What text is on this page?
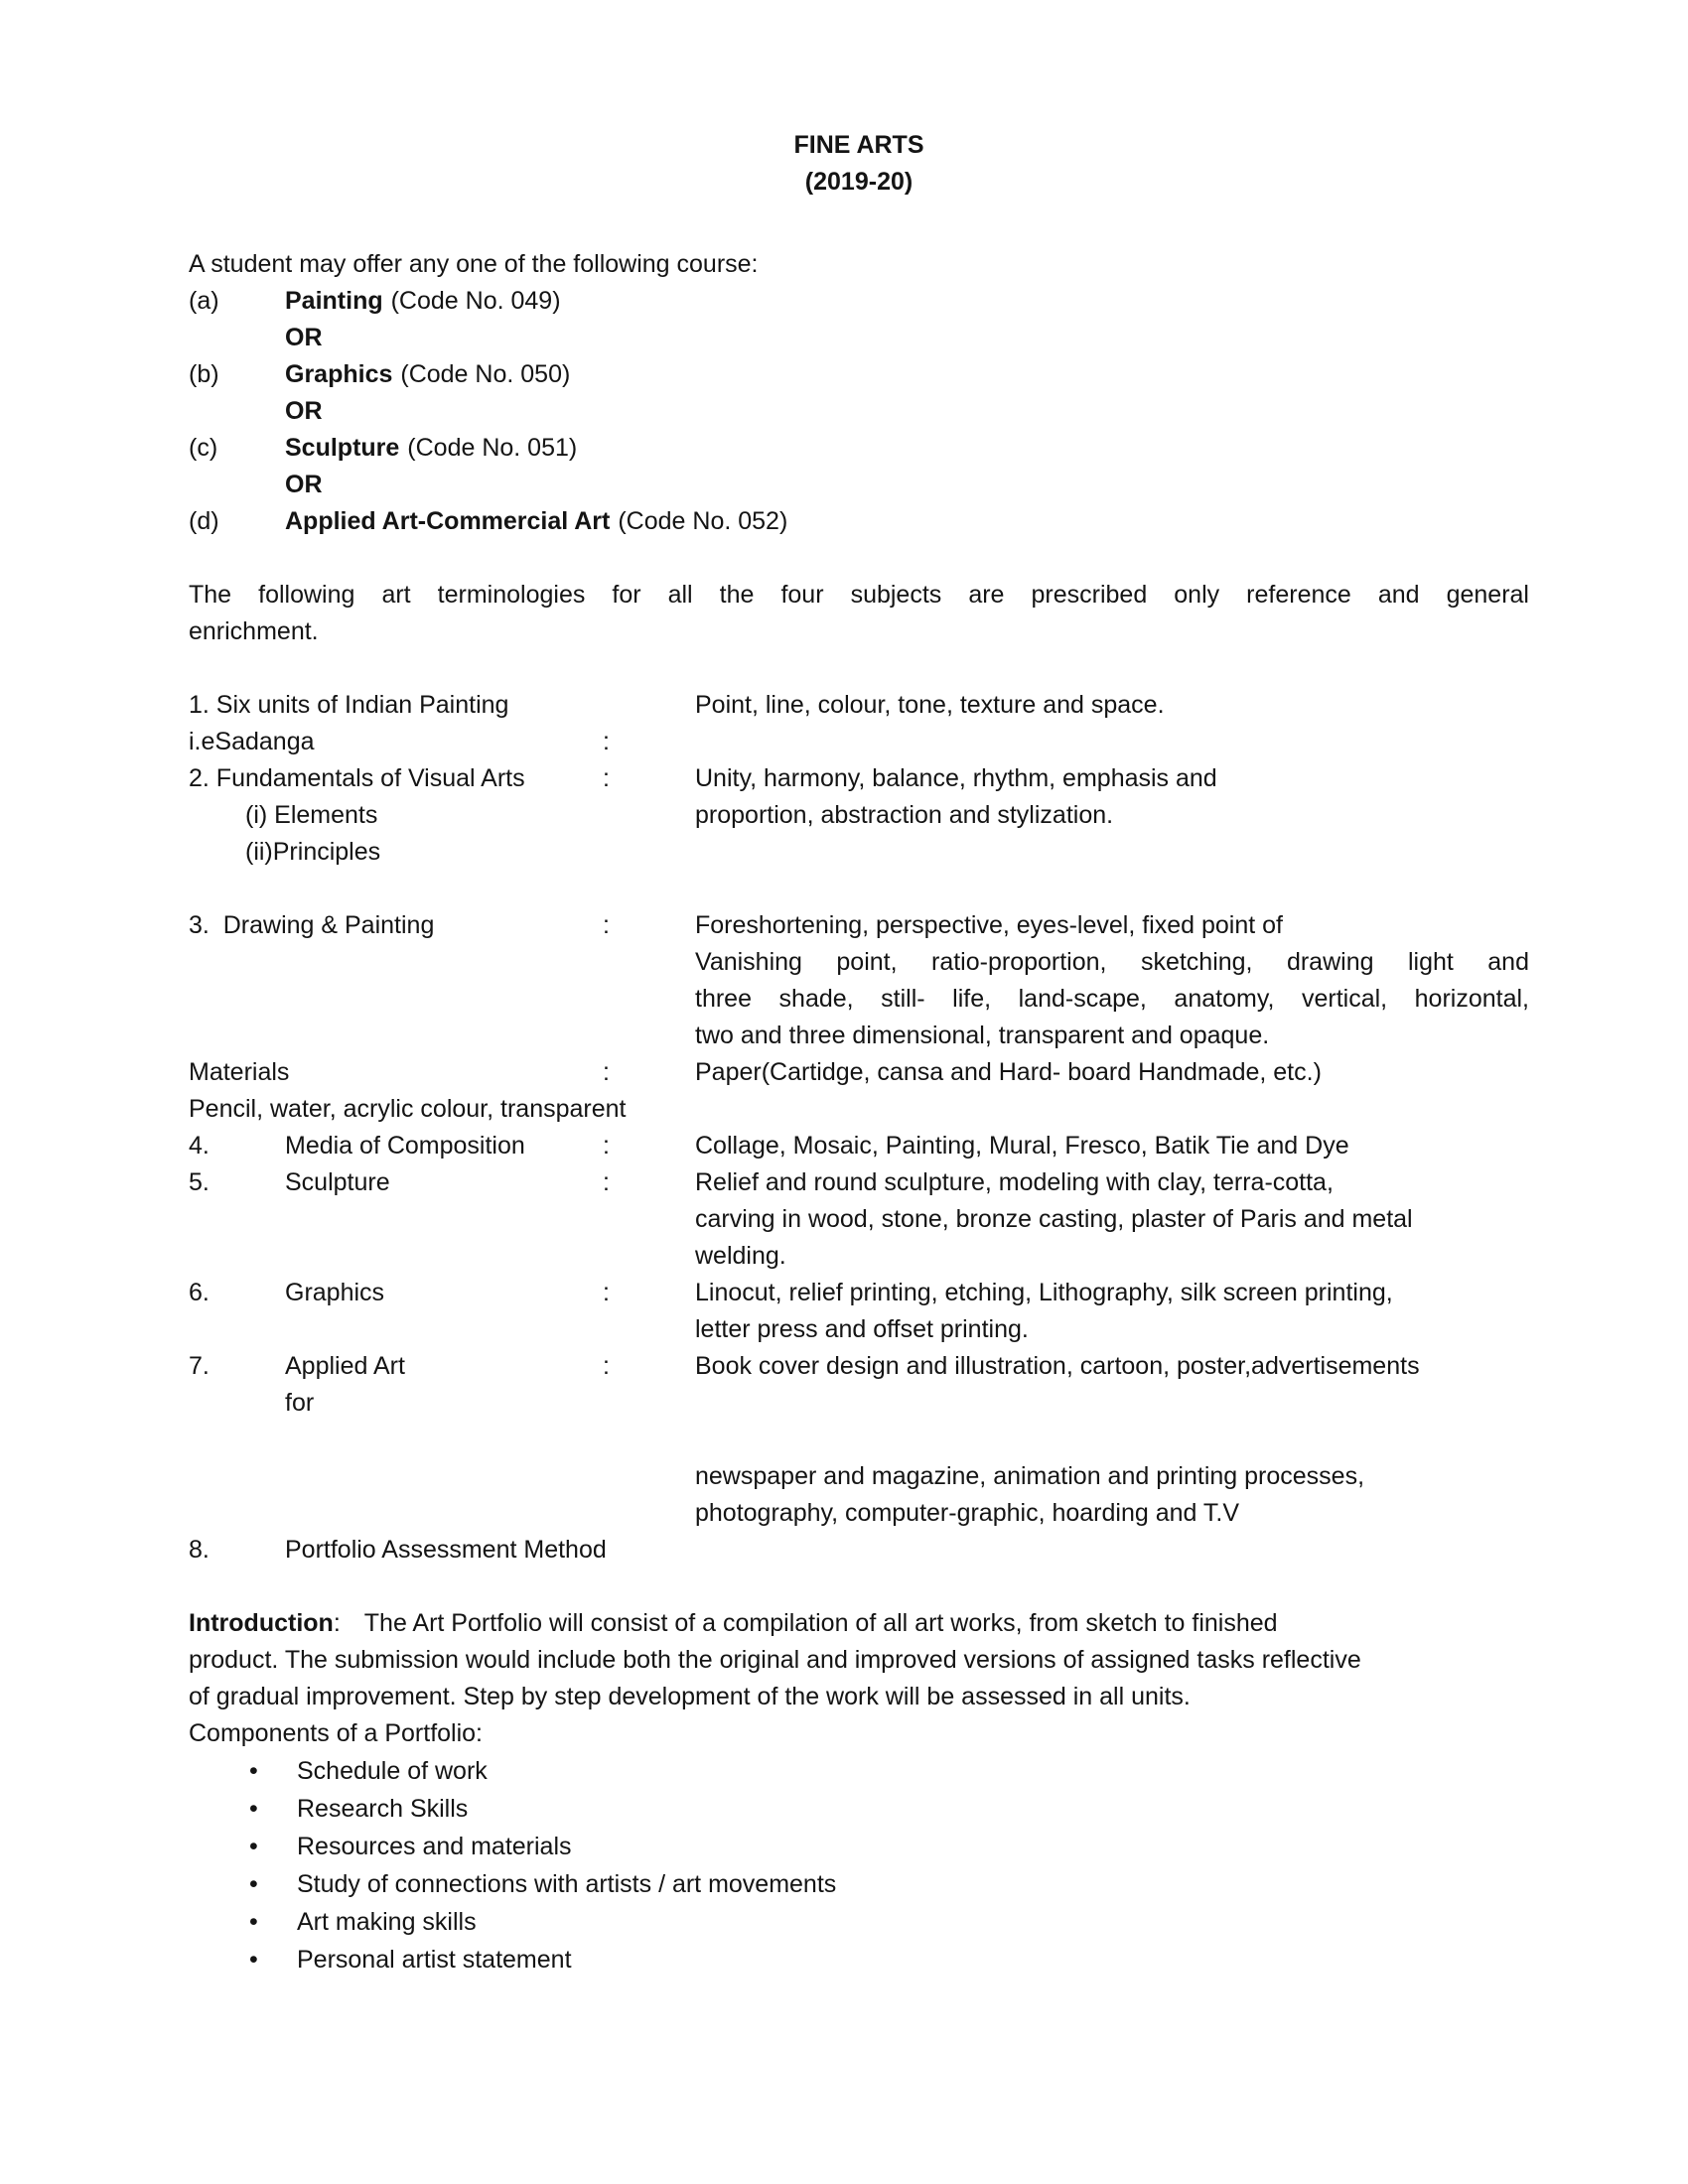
FINE ARTS
(2019-20)
A student may offer any one of the following course:
(a)	Painting (Code No. 049)
OR
(b)	Graphics (Code No. 050)
OR
(c)	Sculpture (Code No. 051)
OR
(d)	Applied Art-Commercial Art (Code No. 052)
The following art terminologies for all the four subjects are prescribed only reference and general
enrichment.
1. Six units of Indian Painting	Point, line, colour, tone, texture and space.
i.eSadanga	:
2. Fundamentals of Visual Arts	:	Unity, harmony, balance, rhythm, emphasis and
(i) Elements	proportion, abstraction and stylization.
(ii)Principles
3.  Drawing & Painting	:	Foreshortening, perspective, eyes-level, fixed point of
Vanishing point, ratio-proportion, sketching, drawing light and
three shade, still- life, land-scape, anatomy, vertical, horizontal,
two and three dimensional, transparent and opaque.
Materials	:	Paper(Cartidge, cansa and Hard- board Handmade, etc.)
Pencil, water, acrylic colour, transparent
4.	Media of Composition	:	Collage, Mosaic, Painting, Mural, Fresco, Batik Tie and Dye
5.	Sculpture	:	Relief and round sculpture, modeling with clay, terra-cotta,
carving in wood, stone, bronze casting, plaster of Paris and metal
welding.
6.	Graphics	:	Linocut, relief printing, etching, Lithography, silk screen printing,
letter press and offset printing.
7.	Applied Art	:	Book cover design and illustration, cartoon, poster,advertisements
for
newspaper and magazine, animation and printing processes,
photography, computer-graphic, hoarding and T.V
8.	Portfolio Assessment Method
Introduction: The Art Portfolio will consist of a compilation of all art works, from sketch to finished
product. The submission would include both the original and improved versions of assigned tasks reflective
of gradual improvement. Step by step development of the work will be assessed in all units.
Components of a Portfolio:
•
Schedule of work
•
Research Skills
•
Resources and materials
•
Study of connections with artists / art movements
•
Art making skills
•
Personal artist statement
